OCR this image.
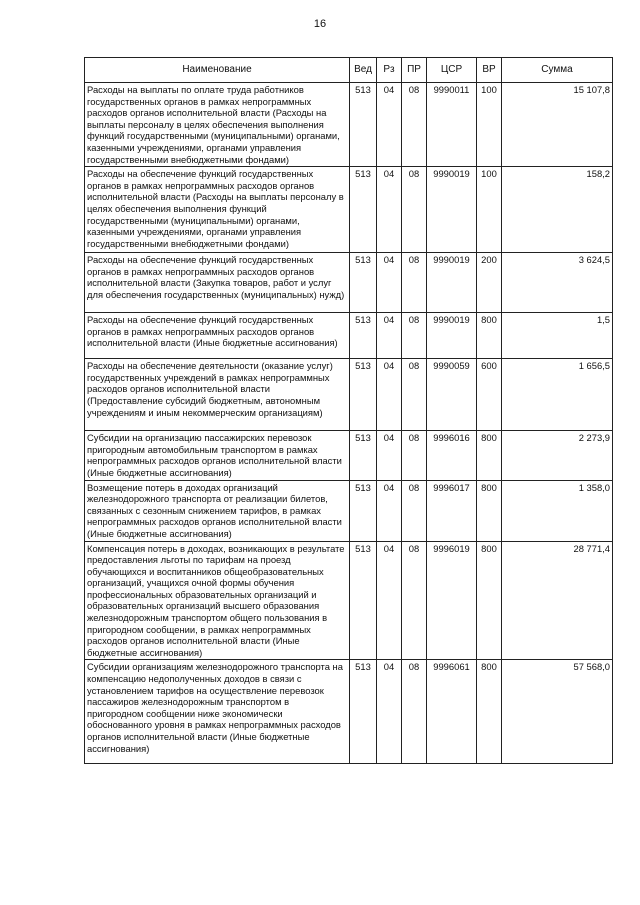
16
Наименование	Вед	Рз	ПР	ЦСР	ВР	Сумма

Расходы на выплаты по оплате труда работников государственных органов в рамках непрограммных расходов органов исполнительной власти (Расходы на выплаты персоналу в целях обеспечения выполнения функций государственными (муниципальными) органами, казенными учреждениями, органами управления государственными внебюджетными фондами)	513	04	08	9990011	100	15 107,8

Расходы на обеспечение функций государственных органов в рамках непрограммных расходов органов исполнительной власти (Расходы на выплаты персоналу в целях обеспечения выполнения функций государственными (муниципальными) органами, казенными учреждениями, органами управления государственными внебюджетными фондами)	513	04	08	9990019	100	158,2

Расходы на обеспечение функций государственных органов в рамках непрограммных расходов органов исполнительной власти (Закупка товаров, работ и услуг для обеспечения государственных (муниципальных) нужд)	513	04	08	9990019	200	3 624,5

Расходы на обеспечение функций государственных органов в рамках непрограммных расходов органов исполнительной власти (Иные бюджетные ассигнования)	513	04	08	9990019	800	1,5

Расходы на обеспечение деятельности (оказание услуг) государственных учреждений в рамках непрограммных расходов органов исполнительной власти (Предоставление субсидий бюджетным, автономным учреждениям и иным некоммерческим организациям)	513	04	08	9990059	600	1 656,5

Субсидии на организацию пассажирских перевозок пригородным автомобильным транспортом в рамках непрограммных расходов органов исполнительной власти (Иные бюджетные ассигнования)	513	04	08	9996016	800	2 273,9

Возмещение потерь в доходах организаций железнодорожного транспорта от реализации билетов, связанных с сезонным снижением тарифов, в рамках непрограммных расходов органов исполнительной власти (Иные бюджетные ассигнования)	513	04	08	9996017	800	1 358,0

Компенсация потерь в доходах, возникающих в результате предоставления льготы по тарифам на проезд обучающихся и воспитанников общеобразовательных организаций, учащихся очной формы обучения профессиональных образовательных организаций и образовательных организаций высшего образования железнодорожным транспортом общего пользования в пригородном сообщении, в рамках непрограммных расходов органов исполнительной власти (Иные бюджетные ассигнования)	513	04	08	9996019	800	28 771,4

Субсидии организациям железнодорожного транспорта на компенсацию недополученных доходов в связи с установлением тарифов на осуществление перевозок пассажиров железнодорожным транспортом в пригородном сообщении ниже экономически обоснованного уровня в рамках непрограммных расходов органов исполнительной власти (Иные бюджетные ассигнования)	513	04	08	9996061	800	57 568,0
